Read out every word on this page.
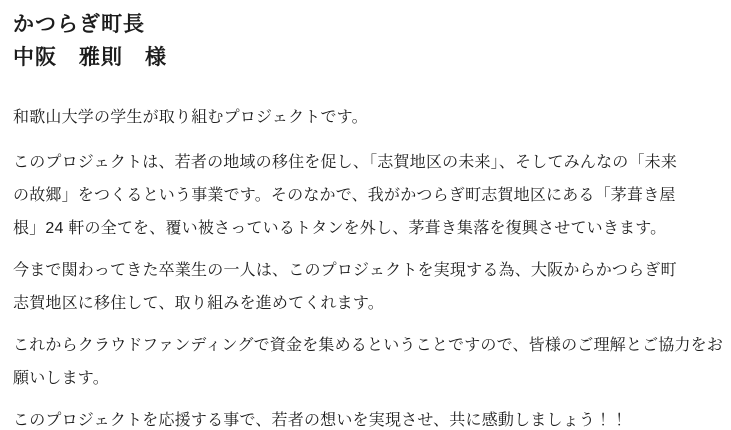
かつらぎ町長
中阪　雅則　様
和歌山大学の学生が取り組むプロジェクトです。
このプロジェクトは、若者の地域の移住を促し、「志賀地区の未来」、そしてみんなの「未来
の故郷」をつくるという事業です。そのなかで、我がかつらぎ町志賀地区にある「茅葺き屋
根」24 軒の全てを、覆い被さっているトタンを外し、茅葺き集落を復興させていきます。
今まで関わってきた卒業生の一人は、このプロジェクトを実現する為、大阪からかつらぎ町
志賀地区に移住して、取り組みを進めてくれます。
これからクラウドファンディングで資金を集めるということですので、皆様のご理解とご協力をお
願いします。
このプロジェクトを応援する事で、若者の想いを実現させ、共に感動しましょう！！
